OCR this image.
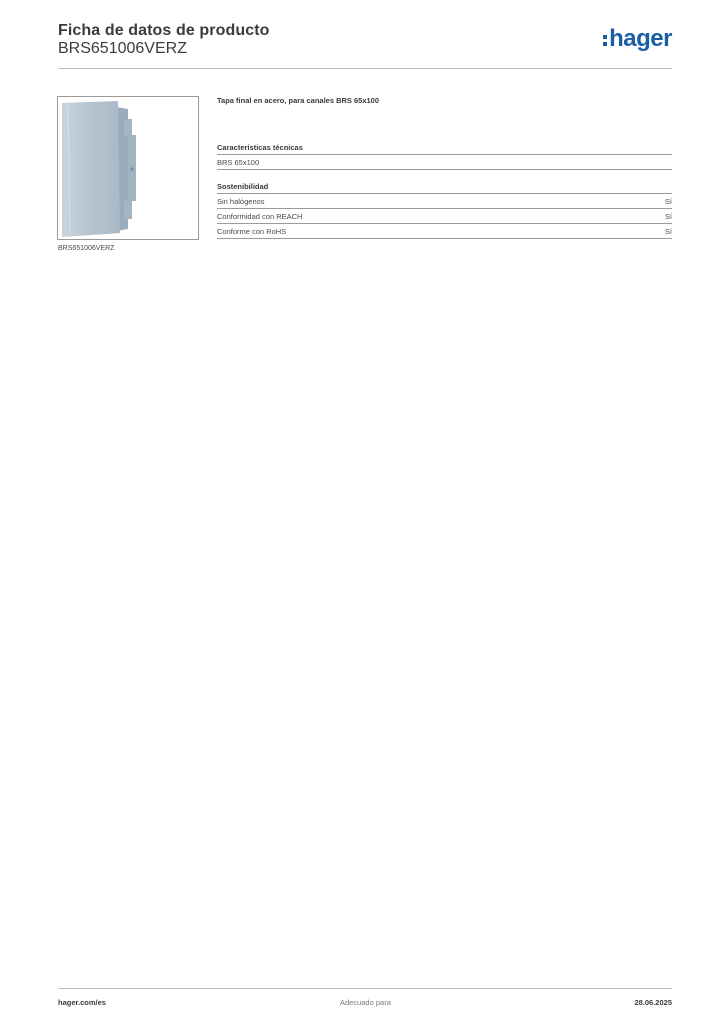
Ficha de datos de producto
BRS651006VERZ	hager
BRS651006VERZ

Tapa final en acero, para canales BRS 65x100

Características técnicas
BRS 65x100
Sostenibilidad
Sin halógenos	Sí
Conformidad con REACH	Sí
Conforme con RoHS	Sí
hager.com/es	Adecuado para	28.06.2025
